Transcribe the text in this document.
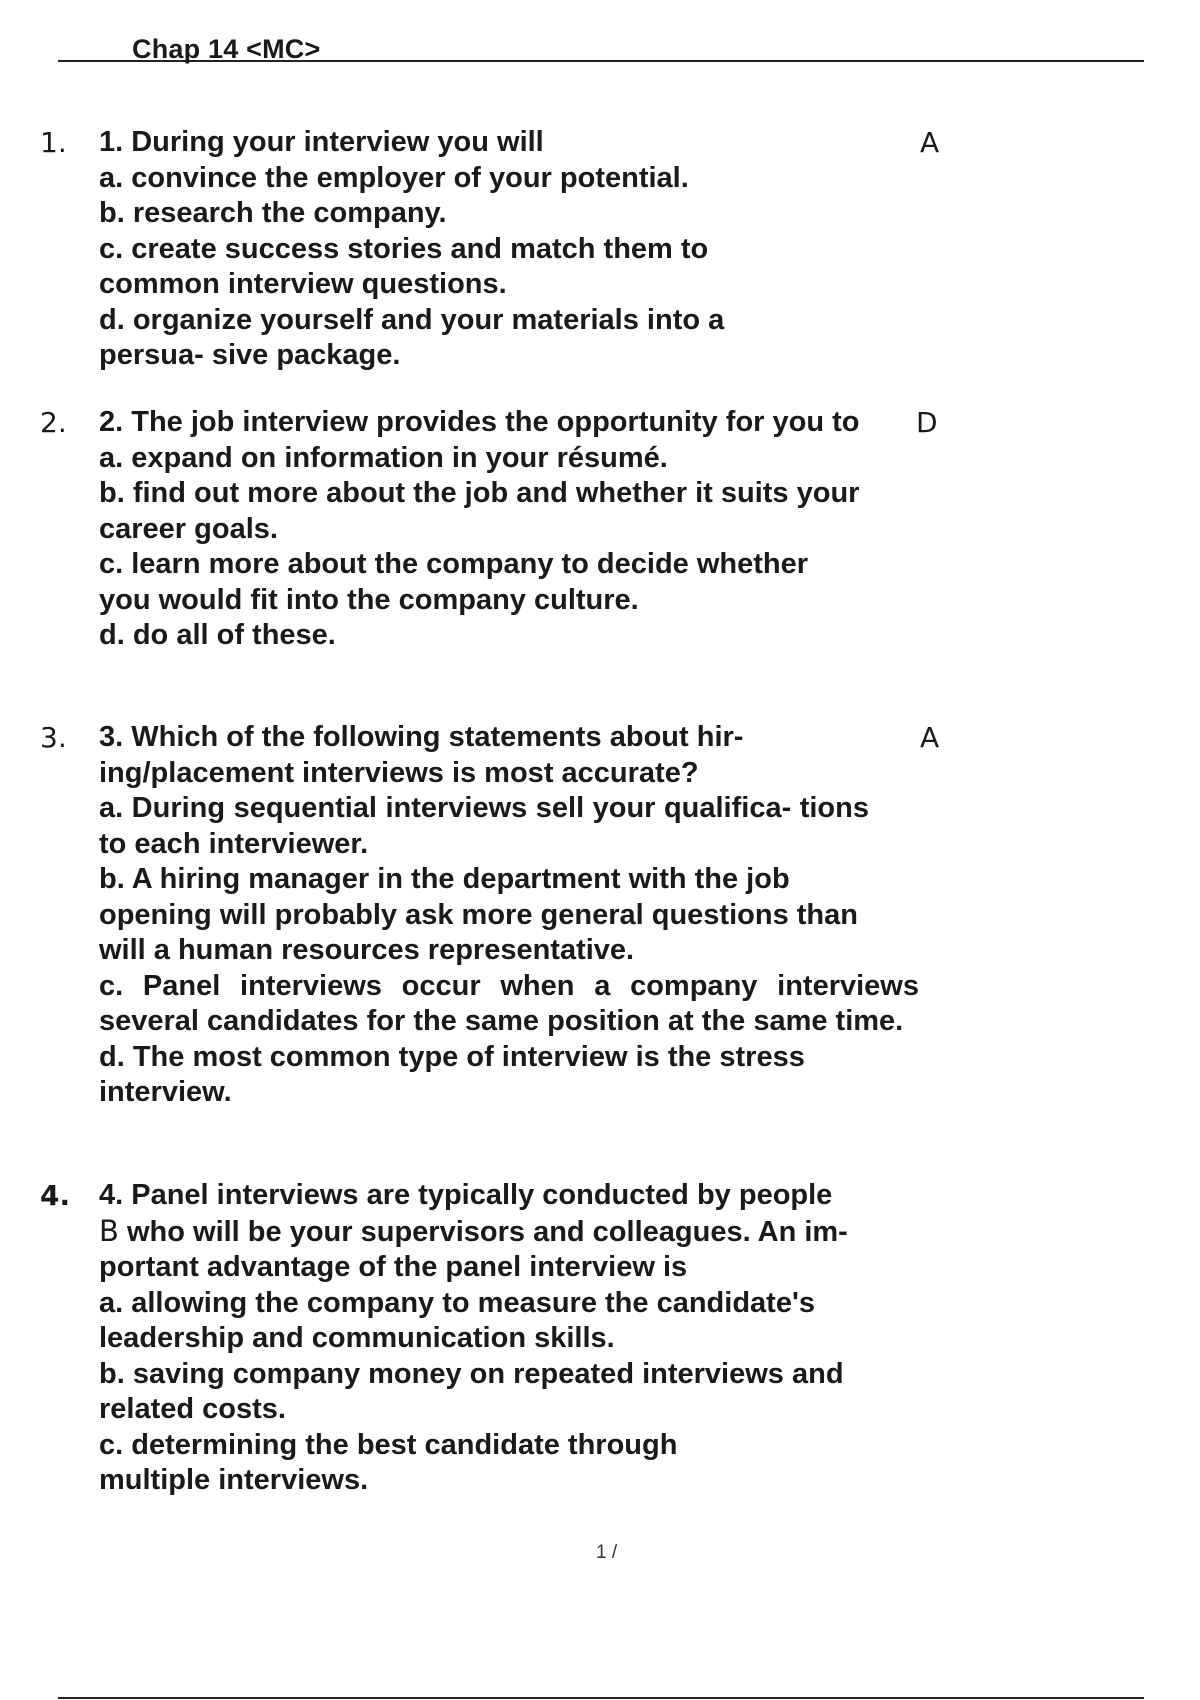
Chap 14 <MC>
1. 1. During your interview you will
a. convince the employer of your potential.
b. research the company.
c. create success stories and match them to common interview questions.
d. organize yourself and your materials into a persua- sive package.
A
2. 2. The job interview provides the opportunity for you to
a. expand on information in your résumé.
b. find out more about the job and whether it suits your career goals.
c. learn more about the company to decide whether you would fit into the company culture.
d. do all of these.
D
3. 3. Which of the following statements about hir- ing/placement interviews is most accurate?
a. During sequential interviews sell your qualifica- tions to each interviewer.
b. A hiring manager in the department with the job opening will probably ask more general questions than will a human resources representative.
c. Panel interviews occur when a company interviews several candidates for the same position at the same time.
d. The most common type of interview is the stress interview.
A
4. 4. Panel interviews are typically conducted by people
B who will be your supervisors and colleagues. An im- portant advantage of the panel interview is
a. allowing the company to measure the candidate's leadership and communication skills.
b. saving company money on repeated interviews and related costs.
c. determining the best candidate through multiple interviews.
1 /
